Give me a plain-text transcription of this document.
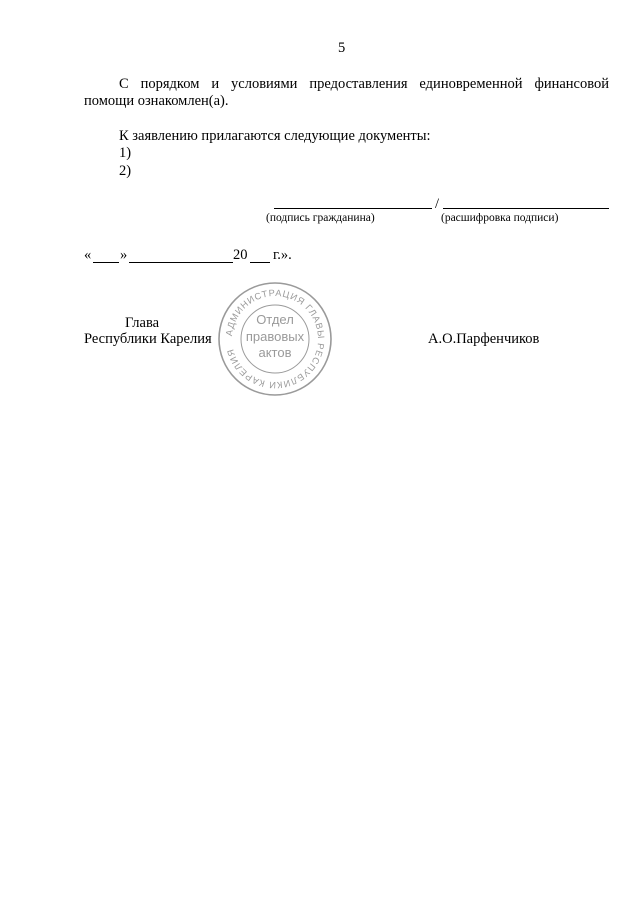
5
С порядком и условиями предоставления единовременной финансовой
помощи ознакомлен(а).
К заявлению прилагаются следующие документы:
1)
2)
/
(подпись гражданина)	(расшифровка подписи)
« »	20 г.».
АДМИНИСТРАЦИЯ ГЛАВЫ РЕСПУБЛИКИ КАРЕЛИЯ
Отдел
правовых
актов
Глава
Республики Карелия	А.О.Парфенчиков
